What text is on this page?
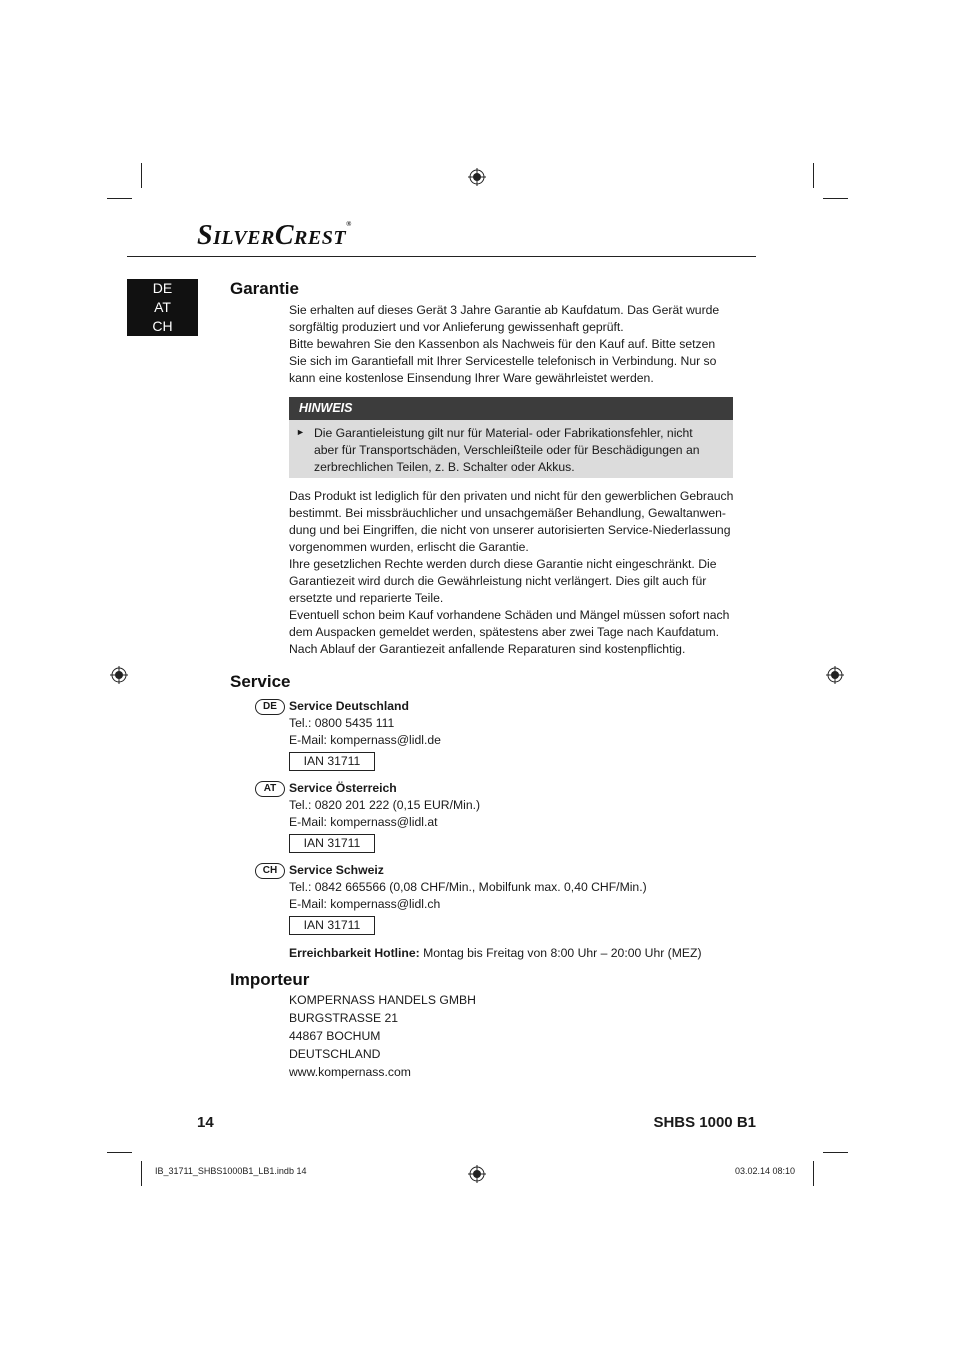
SILVERCREST®
DE
AT
CH
Garantie

Sie erhalten auf dieses Gerät 3 Jahre Garantie ab Kaufdatum. Das Gerät wurde
sorgfältig produziert und vor Anlieferung gewissenhaft geprüft.
Bitte bewahren Sie den Kassenbon als Nachweis für den Kauf auf. Bitte setzen
Sie sich im Garantiefall mit Ihrer Servicestelle telefonisch in Verbindung. Nur so
kann eine kostenlose Einsendung Ihrer Ware gewährleistet werden.

HINWEIS
► Die Garantieleistung gilt nur für Material- oder Fabrikationsfehler, nicht
aber für Transportschäden, Verschleißteile oder für Beschädigungen an
zerbrechlichen Teilen, z. B. Schalter oder Akkus.

Das Produkt ist lediglich für den privaten und nicht für den gewerblichen Gebrauch
bestimmt. Bei missbräuchlicher und unsachgemäßer Behandlung, Gewaltanwen-
dung und bei Eingriffen, die nicht von unserer autorisierten Service-Niederlassung
vorgenommen wurden, erlischt die Garantie.
Ihre gesetzlichen Rechte werden durch diese Garantie nicht eingeschränkt. Die
Garantiezeit wird durch die Gewährleistung nicht verlängert. Dies gilt auch für
ersetzte und reparierte Teile.
Eventuell schon beim Kauf vorhandene Schäden und Mängel müssen sofort nach
dem Auspacken gemeldet werden, spätestens aber zwei Tage nach Kaufdatum.
Nach Ablauf der Garantiezeit anfallende Reparaturen sind kostenpflichtig.

Service
DE Service Deutschland
Tel.: 0800 5435 111
E-Mail: kompernass@lidl.de
IAN 31711
AT	Service Österreich
Tel.: 0820 201 222 (0,15 EUR/Min.)
E-Mail: kompernass@lidl.at
IAN 31711
CH Service Schweiz
Tel.: 0842 665566 (0,08 CHF/Min., Mobilfunk max. 0,40 CHF/Min.)
E-Mail: kompernass@lidl.ch
IAN 31711
Erreichbarkeit Hotline: Montag bis Freitag von 8:00 Uhr – 20:00 Uhr (MEZ)
Importeur
KOMPERNASS HANDELS GMBH
BURGSTRASSE 21
44867 BOCHUM
DEUTSCHLAND
www.kompernass.com
14	SHBS 1000 B1
IB_31711_SHBS1000B1_LB1.indb 14	03.02.14 08:10
